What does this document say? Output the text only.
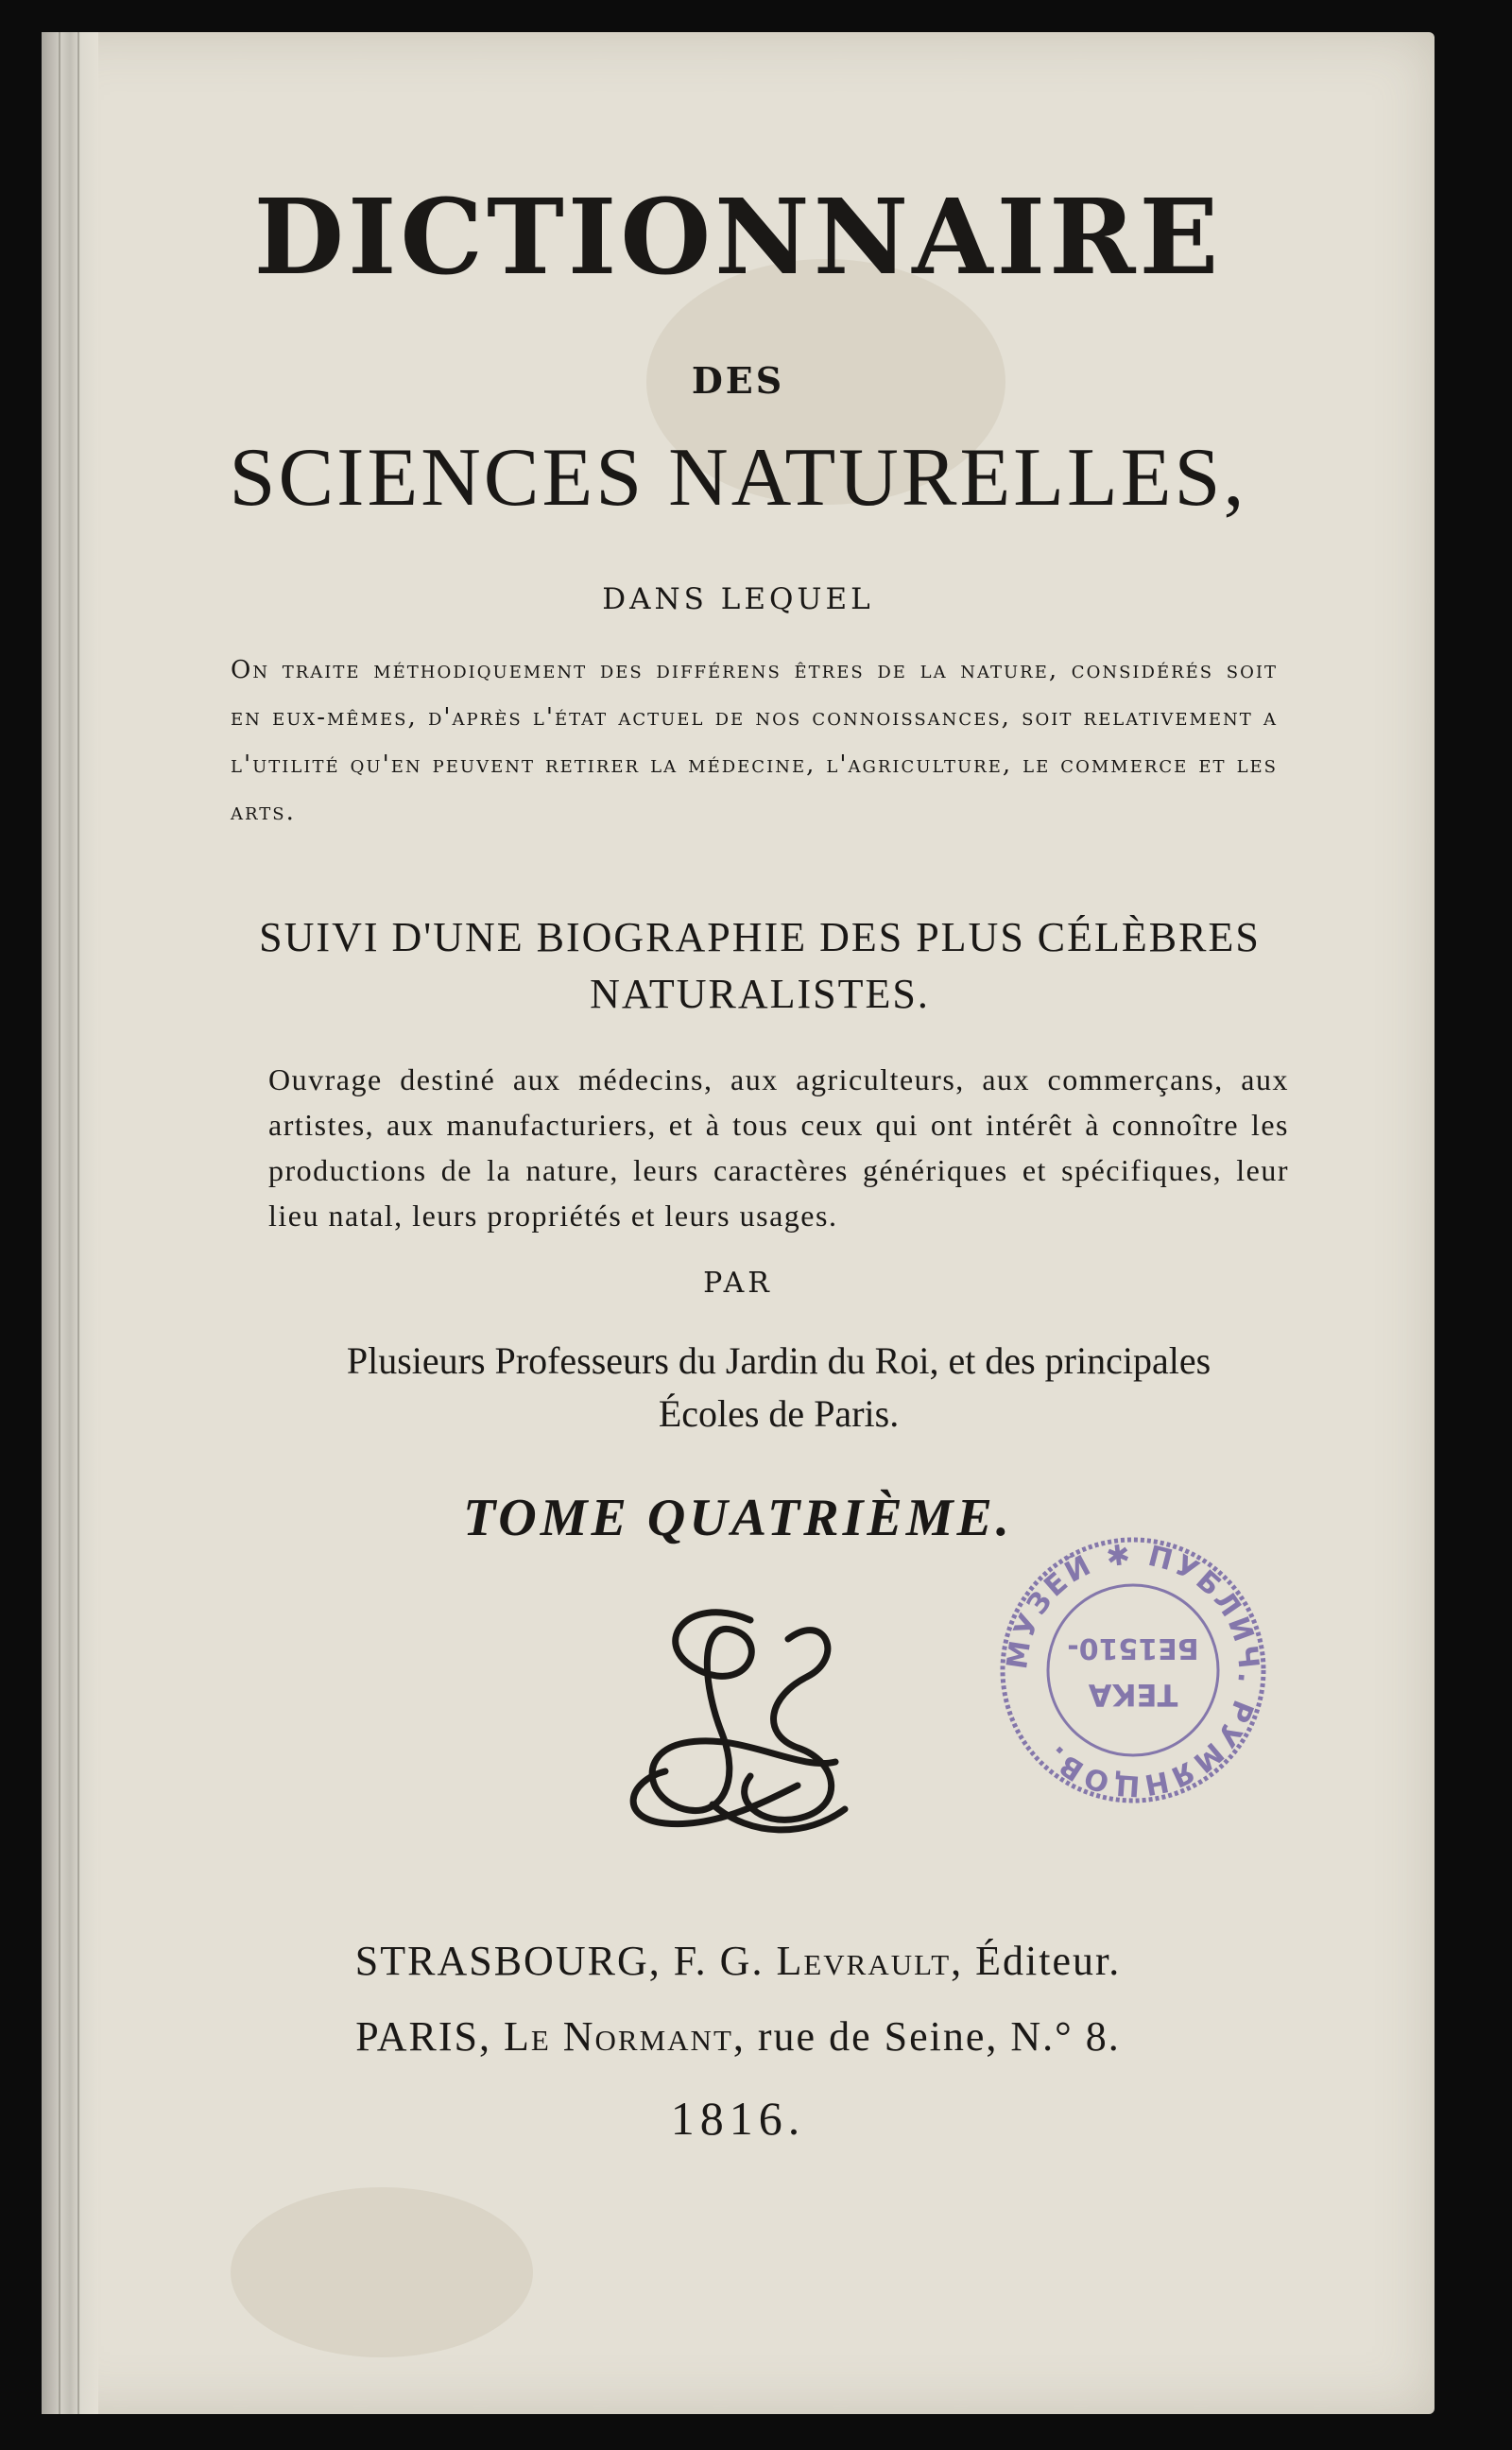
DICTIONNAIRE
DES
SCIENCES NATURELLES,
DANS LEQUEL
On traite méthodiquement des différens êtres de la nature, considérés soit en eux-mêmes, d'après l'état actuel de nos connoissances, soit relativement a l'utilité qu'en peuvent retirer la médecine, l'agriculture, le commerce et les arts.
SUIVI D'UNE BIOGRAPHIE DES PLUS CÉLÈBRES
NATURALISTES.
Ouvrage destiné aux médecins, aux agriculteurs, aux commerçans, aux artistes, aux manufacturiers, et à tous ceux qui ont intérêt à connoître les productions de la nature, leurs caractères génériques et spécifiques, leur lieu natal, leurs propriétés et leurs usages.
PAR
Plusieurs Professeurs du Jardin du Roi, et des principales
Écoles de Paris.
TOME QUATRIÈME.
LS
МУЗЕЙ ✱ ПУБЛИЧ. РУМЯНЦОВ.
ТЕКА
БЕ1510-
STRASBOURG, F. G. Levrault, Éditeur.
PARIS, Le Normant, rue de Seine, N.° 8.
1816.
